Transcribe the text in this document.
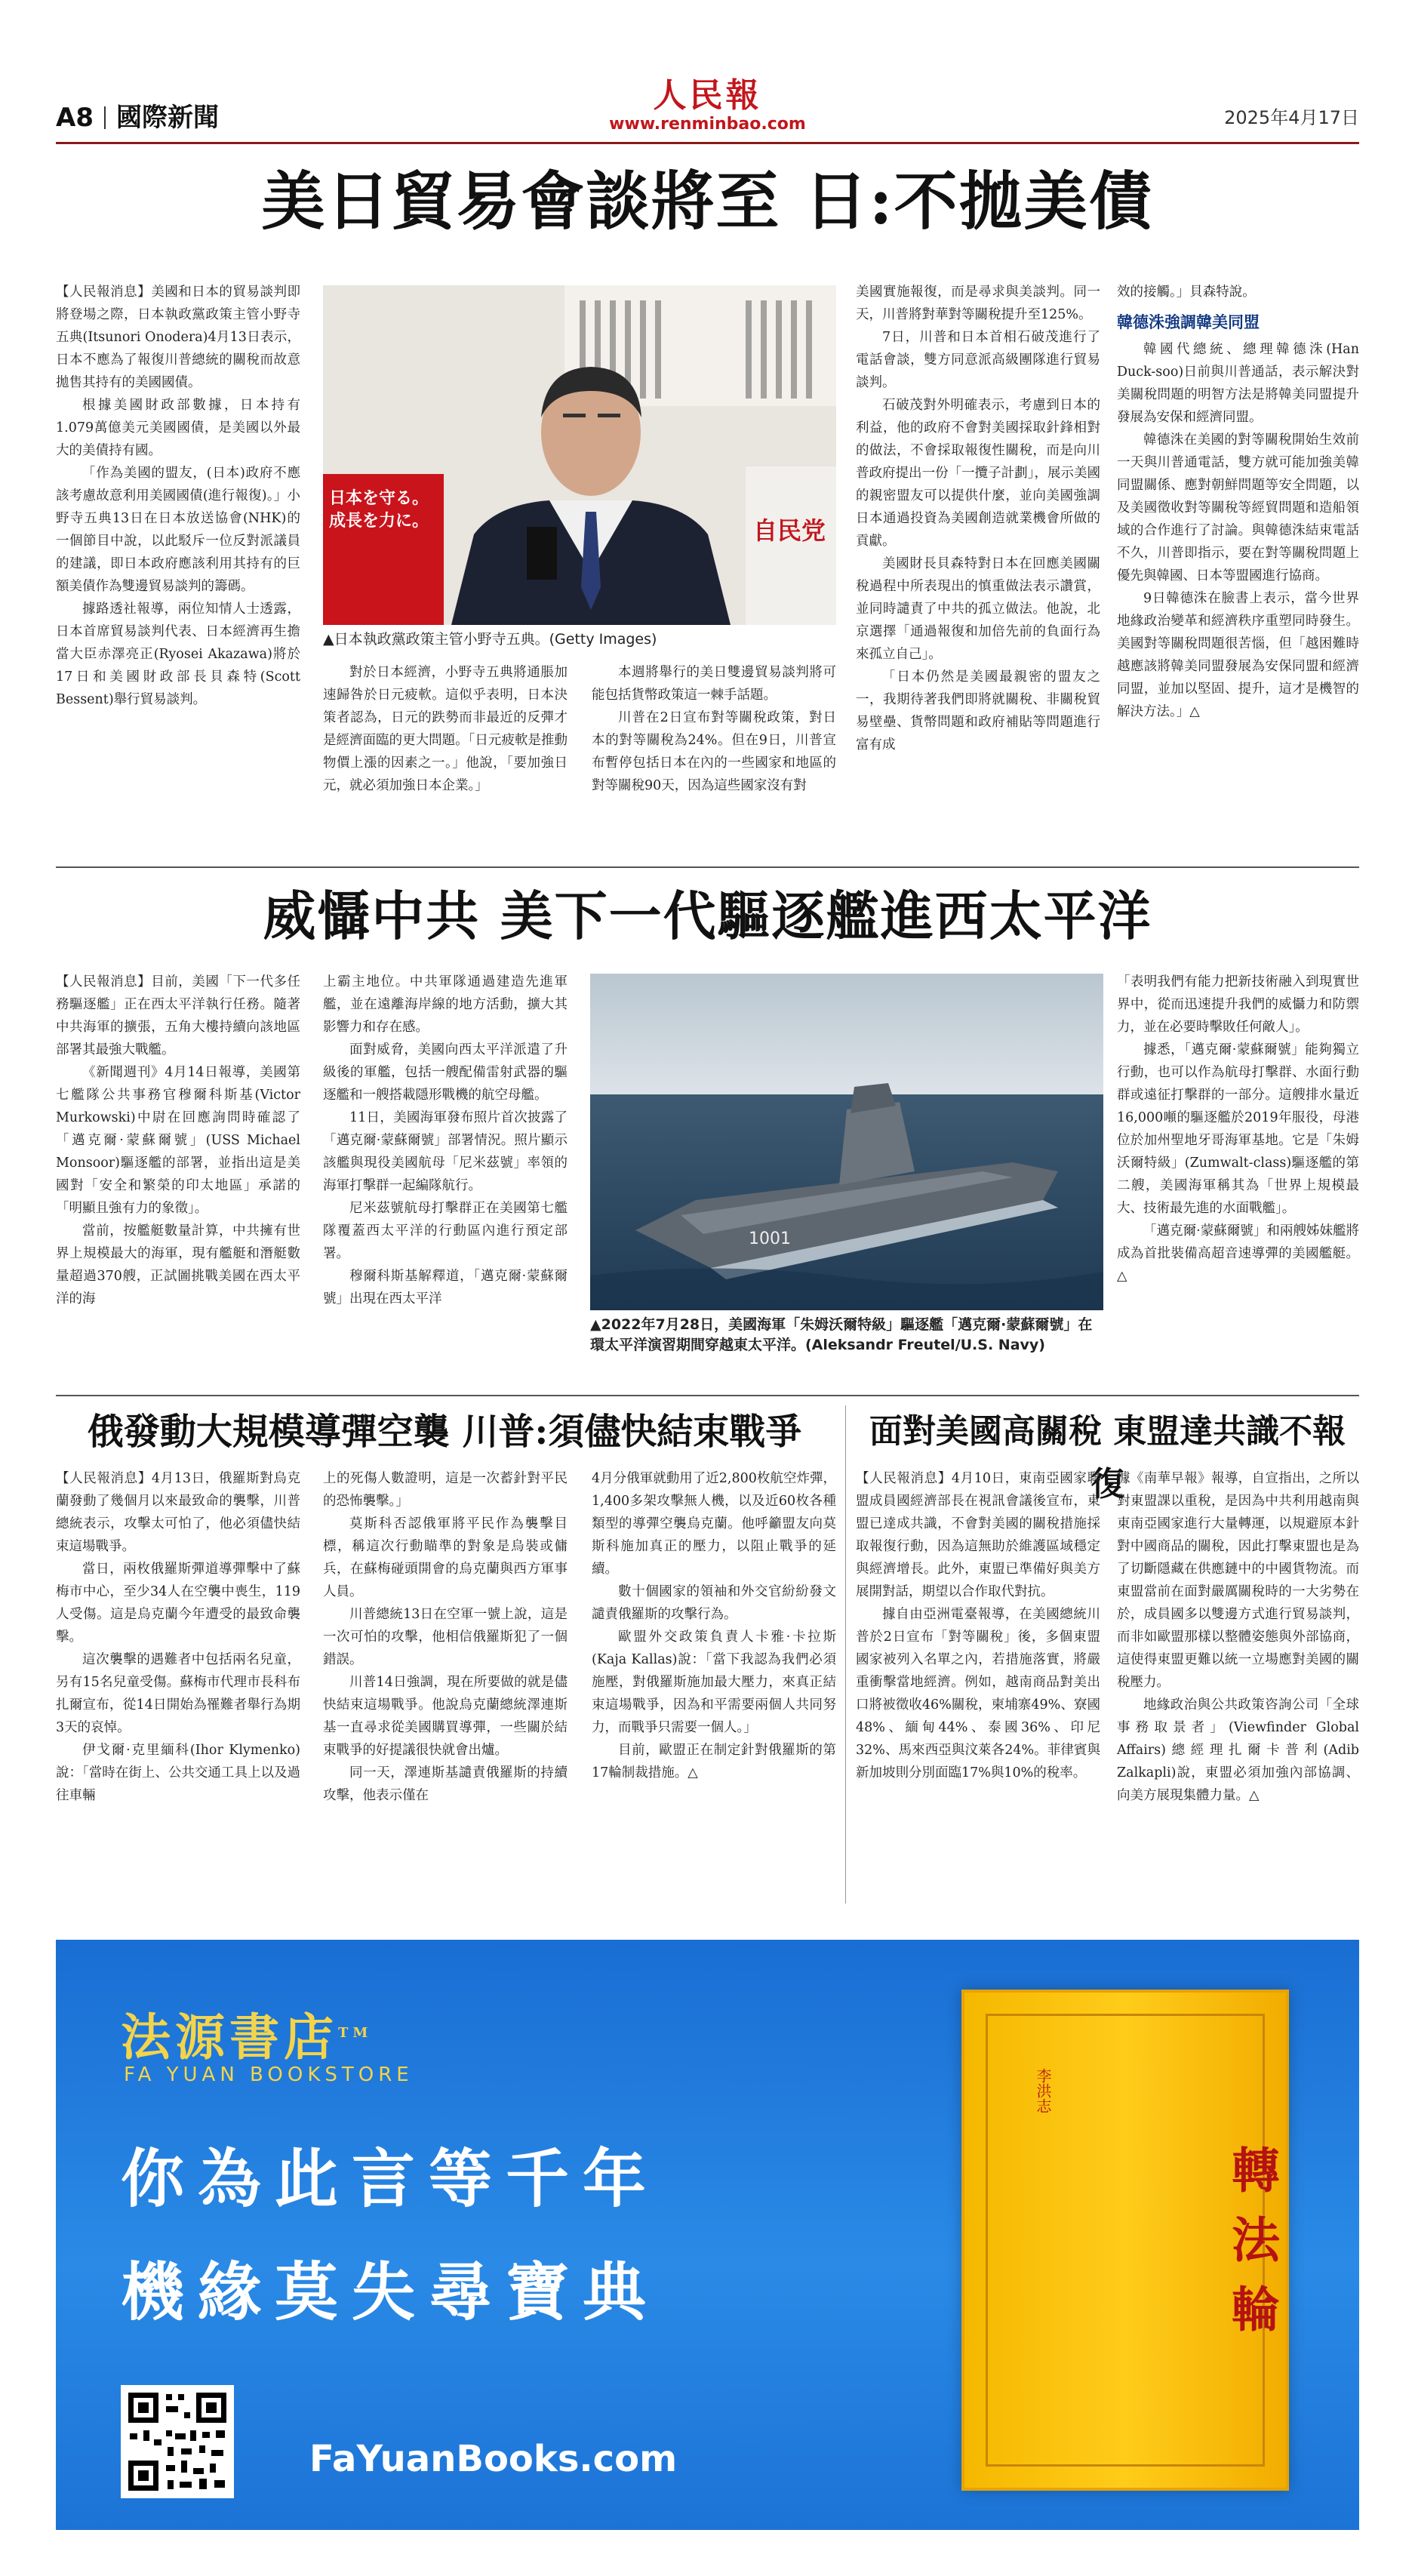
A8 國際新聞
人民報
www.renminbao.com	2025年4月17日
美日貿易會談將至 日:不拋美債

【人民報消息】美國和日本的貿易談判即將登場之際，日本執政黨政策主管小野寺五典(Itsunori Onodera)4月13日表示，日本不應為了報復川普總統的關稅而故意拋售其持有的美國國債。

根據美國財政部數據，日本持有1.079萬億美元美國國債，是美國以外最大的美債持有國。

「作為美國的盟友，(日本)政府不應該考慮故意利用美國國債(進行報復)。」小野寺五典13日在日本放送協會(NHK)的一個節目中說，以此駁斥一位反對派議員的建議，即日本政府應該利用其持有的巨額美債作為雙邊貿易談判的籌碼。

據路透社報導，兩位知情人士透露，日本首席貿易談判代表、日本經濟再生擔當大臣赤澤亮正(Ryosei Akazawa)將於17日和美國財政部長貝森特(Scott Bessent)舉行貿易談判。

日本を守る。
成長を力に。	自民党
▲日本執政黨政策主管小野寺五典。(Getty Images)

對於日本經濟，小野寺五典將通脹加速歸咎於日元疲軟。這似乎表明，日本決策者認為，日元的跌勢而非最近的反彈才是經濟面臨的更大問題。「日元疲軟是推動物價上漲的因素之一。」他說，「要加強日元，就必須加強日本企業。」

本週將舉行的美日雙邊貿易談判將可能包括貨幣政策這一棘手話題。

川普在2日宣布對等關稅政策，對日本的對等關稅為24%。但在9日，川普宣布暫停包括日本在內的一些國家和地區的對等關稅90天，因為這些國家沒有對

美國實施報復，而是尋求與美談判。同一天，川普將對華對等關稅提升至125%。

7日，川普和日本首相石破茂進行了電話會談，雙方同意派高級團隊進行貿易談判。

石破茂對外明確表示，考慮到日本的利益，他的政府不會對美國採取針鋒相對的做法，不會採取報復性關稅，而是向川普政府提出一份「一攬子計劃」，展示美國的親密盟友可以提供什麼，並向美國強調日本通過投資為美國創造就業機會所做的貢獻。

美國財長貝森特對日本在回應美國關稅過程中所表現出的慎重做法表示讚賞，並同時譴責了中共的孤立做法。他說，北京選擇「通過報復和加倍先前的負面行為來孤立自己」。

「日本仍然是美國最親密的盟友之一，我期待著我們即將就關稅、非關稅貿易壁壘、貨幣問題和政府補貼等問題進行富有成

效的接觸。」貝森特說。

韓德洙強調韓美同盟

韓國代總統、總理韓德洙(Han Duck-soo)日前與川普通話，表示解決對美關稅問題的明智方法是將韓美同盟提升發展為安保和經濟同盟。

韓德洙在美國的對等關稅開始生效前一天與川普通電話，雙方就可能加強美韓同盟關係、應對朝鮮問題等安全問題，以及美國徵收對等關稅等經貿問題和造船領域的合作進行了討論。與韓德洙結束電話不久，川普即指示，要在對等關稅問題上優先與韓國、日本等盟國進行協商。

9日韓德洙在臉書上表示，當今世界地緣政治變革和經濟秩序重塑同時發生。美國對等關稅問題很苦惱，但「越困難時越應該將韓美同盟發展為安保同盟和經濟同盟，並加以堅固、提升，這才是機智的解決方法。」△

威懾中共 美下一代驅逐艦進西太平洋

【人民報消息】目前，美國「下一代多任務驅逐艦」正在西太平洋執行任務。隨著中共海軍的擴張，五角大樓持續向該地區部署其最強大戰艦。

《新聞週刊》4月14日報導，美國第七艦隊公共事務官穆爾科斯基(Victor Murkowski)中尉在回應詢問時確認了「邁克爾·蒙蘇爾號」(USS Michael Monsoor)驅逐艦的部署，並指出這是美國對「安全和繁榮的印太地區」承諾的「明顯且強有力的象徵」。

當前，按艦艇數量計算，中共擁有世界上規模最大的海軍，現有艦艇和潛艇數量超過370艘，正試圖挑戰美國在西太平洋的海

上霸主地位。中共軍隊通過建造先進軍艦，並在遠離海岸線的地方活動，擴大其影響力和存在感。

面對威脅，美國向西太平洋派遣了升級後的軍艦，包括一艘配備雷射武器的驅逐艦和一艘搭載隱形戰機的航空母艦。

11日，美國海軍發布照片首次披露了「邁克爾·蒙蘇爾號」部署情況。照片顯示該艦與現役美國航母「尼米茲號」率領的海軍打擊群一起編隊航行。

尼米茲號航母打擊群正在美國第七艦隊覆蓋西太平洋的行動區內進行預定部署。

穆爾科斯基解釋道，「邁克爾·蒙蘇爾號」出現在西太平洋

1001
▲2022年7月28日，美國海軍「朱姆沃爾特級」驅逐艦「邁克爾·蒙蘇爾號」在環太平洋演習期間穿越東太平洋。(Aleksandr Freutel/U.S. Navy)

「表明我們有能力把新技術融入到現實世界中，從而迅速提升我們的威懾力和防禦力，並在必要時擊敗任何敵人」。

據悉，「邁克爾·蒙蘇爾號」能夠獨立行動，也可以作為航母打擊群、水面行動群或遠征打擊群的一部分。這艘排水量近16,000噸的驅逐艦於2019年服役，母港位於加州聖地牙哥海軍基地。它是「朱姆沃爾特級」(Zumwalt-class)驅逐艦的第二艘，美國海軍稱其為「世界上規模最大、技術最先進的水面戰艦」。

「邁克爾·蒙蘇爾號」和兩艘姊妹艦將成為首批裝備高超音速導彈的美國艦艇。△

俄發動大規模導彈空襲 川普:須儘快結束戰爭

【人民報消息】4月13日，俄羅斯對烏克蘭發動了幾個月以來最致命的襲擊，川普總統表示，攻擊太可怕了，他必須儘快結束這場戰爭。

當日，兩枚俄羅斯彈道導彈擊中了蘇梅市中心，至少34人在空襲中喪生，119人受傷。這是烏克蘭今年遭受的最致命襲擊。

這次襲擊的遇難者中包括兩名兒童，另有15名兒童受傷。蘇梅市代理市長科布扎爾宣布，從14日開始為罹難者舉行為期3天的哀悼。

伊戈爾·克里緬科(Ihor Klymenko)說：「當時在街上、公共交通工具上以及過往車輛

上的死傷人數證明，這是一次蓄針對平民的恐怖襲擊。」

莫斯科否認俄軍將平民作為襲擊目標，稱這次行動瞄準的對象是烏裝或傭兵，在蘇梅碰頭開會的烏克蘭與西方軍事人員。

川普總統13日在空軍一號上說，這是一次可怕的攻擊，他相信俄羅斯犯了一個錯誤。

川普14日強調，現在所要做的就是儘快結束這場戰爭。他說烏克蘭總統澤連斯基一直尋求從美國購買導彈，一些關於結束戰爭的好提議很快就會出爐。

同一天，澤連斯基譴責俄羅斯的持續攻擊，他表示僅在

4月分俄軍就動用了近2,800枚航空炸彈，1,400多架攻擊無人機，以及近60枚各種類型的導彈空襲烏克蘭。他呼籲盟友向莫斯科施加真正的壓力，以阻止戰爭的延續。

數十個國家的領袖和外交官紛紛發文譴責俄羅斯的攻擊行為。

歐盟外交政策負責人卡雅·卡拉斯(Kaja Kallas)說：「當下我認為我們必須施壓，對俄羅斯施加最大壓力，來真正結束這場戰爭，因為和平需要兩個人共同努力，而戰爭只需要一個人。」

目前，歐盟正在制定針對俄羅斯的第17輪制裁措施。△

面對美國高關稅 東盟達共識不報復

【人民報消息】4月10日，東南亞國家聯盟成員國經濟部長在視訊會議後宣布，東盟已達成共識，不會對美國的關稅措施採取報復行動，因為這無助於維護區域穩定與經濟增長。此外，東盟已準備好與美方展開對話，期望以合作取代對抗。

據自由亞洲電臺報導，在美國總統川普於2日宣布「對等關稅」後，多個東盟國家被列入名單之內，若措施落實，將嚴重衝擊當地經濟。例如，越南商品對美出口將被徵收46%關稅，柬埔寨49%、寮國48%、緬甸44%、泰國36%、印尼32%、馬來西亞與汶萊各24%。菲律賓與新加坡則分別面臨17%與10%的稅率。

據《南華早報》報導，自宣指出，之所以對東盟課以重稅，是因為中共利用越南與東南亞國家進行大量轉運，以規避原本針對中國商品的關稅，因此打擊東盟也是為了切斷隱藏在供應鏈中的中國貨物流。而東盟當前在面對嚴厲關稅時的一大劣勢在於，成員國多以雙邊方式進行貿易談判，而非如歐盟那樣以整體姿態與外部協商，這使得東盟更難以統一立場應對美國的關稅壓力。

地緣政治與公共政策咨詢公司「全球事務取景者」(Viewfinder Global Affairs)總經理扎爾卡普利(Adib Zalkapli)說，東盟必須加強內部協調、向美方展現集體力量。△

法源書店™
FA YUAN BOOKSTORE
你為此言等千年
機緣莫失尋寶典
FaYuanBooks.com
李洪志
轉法輪
